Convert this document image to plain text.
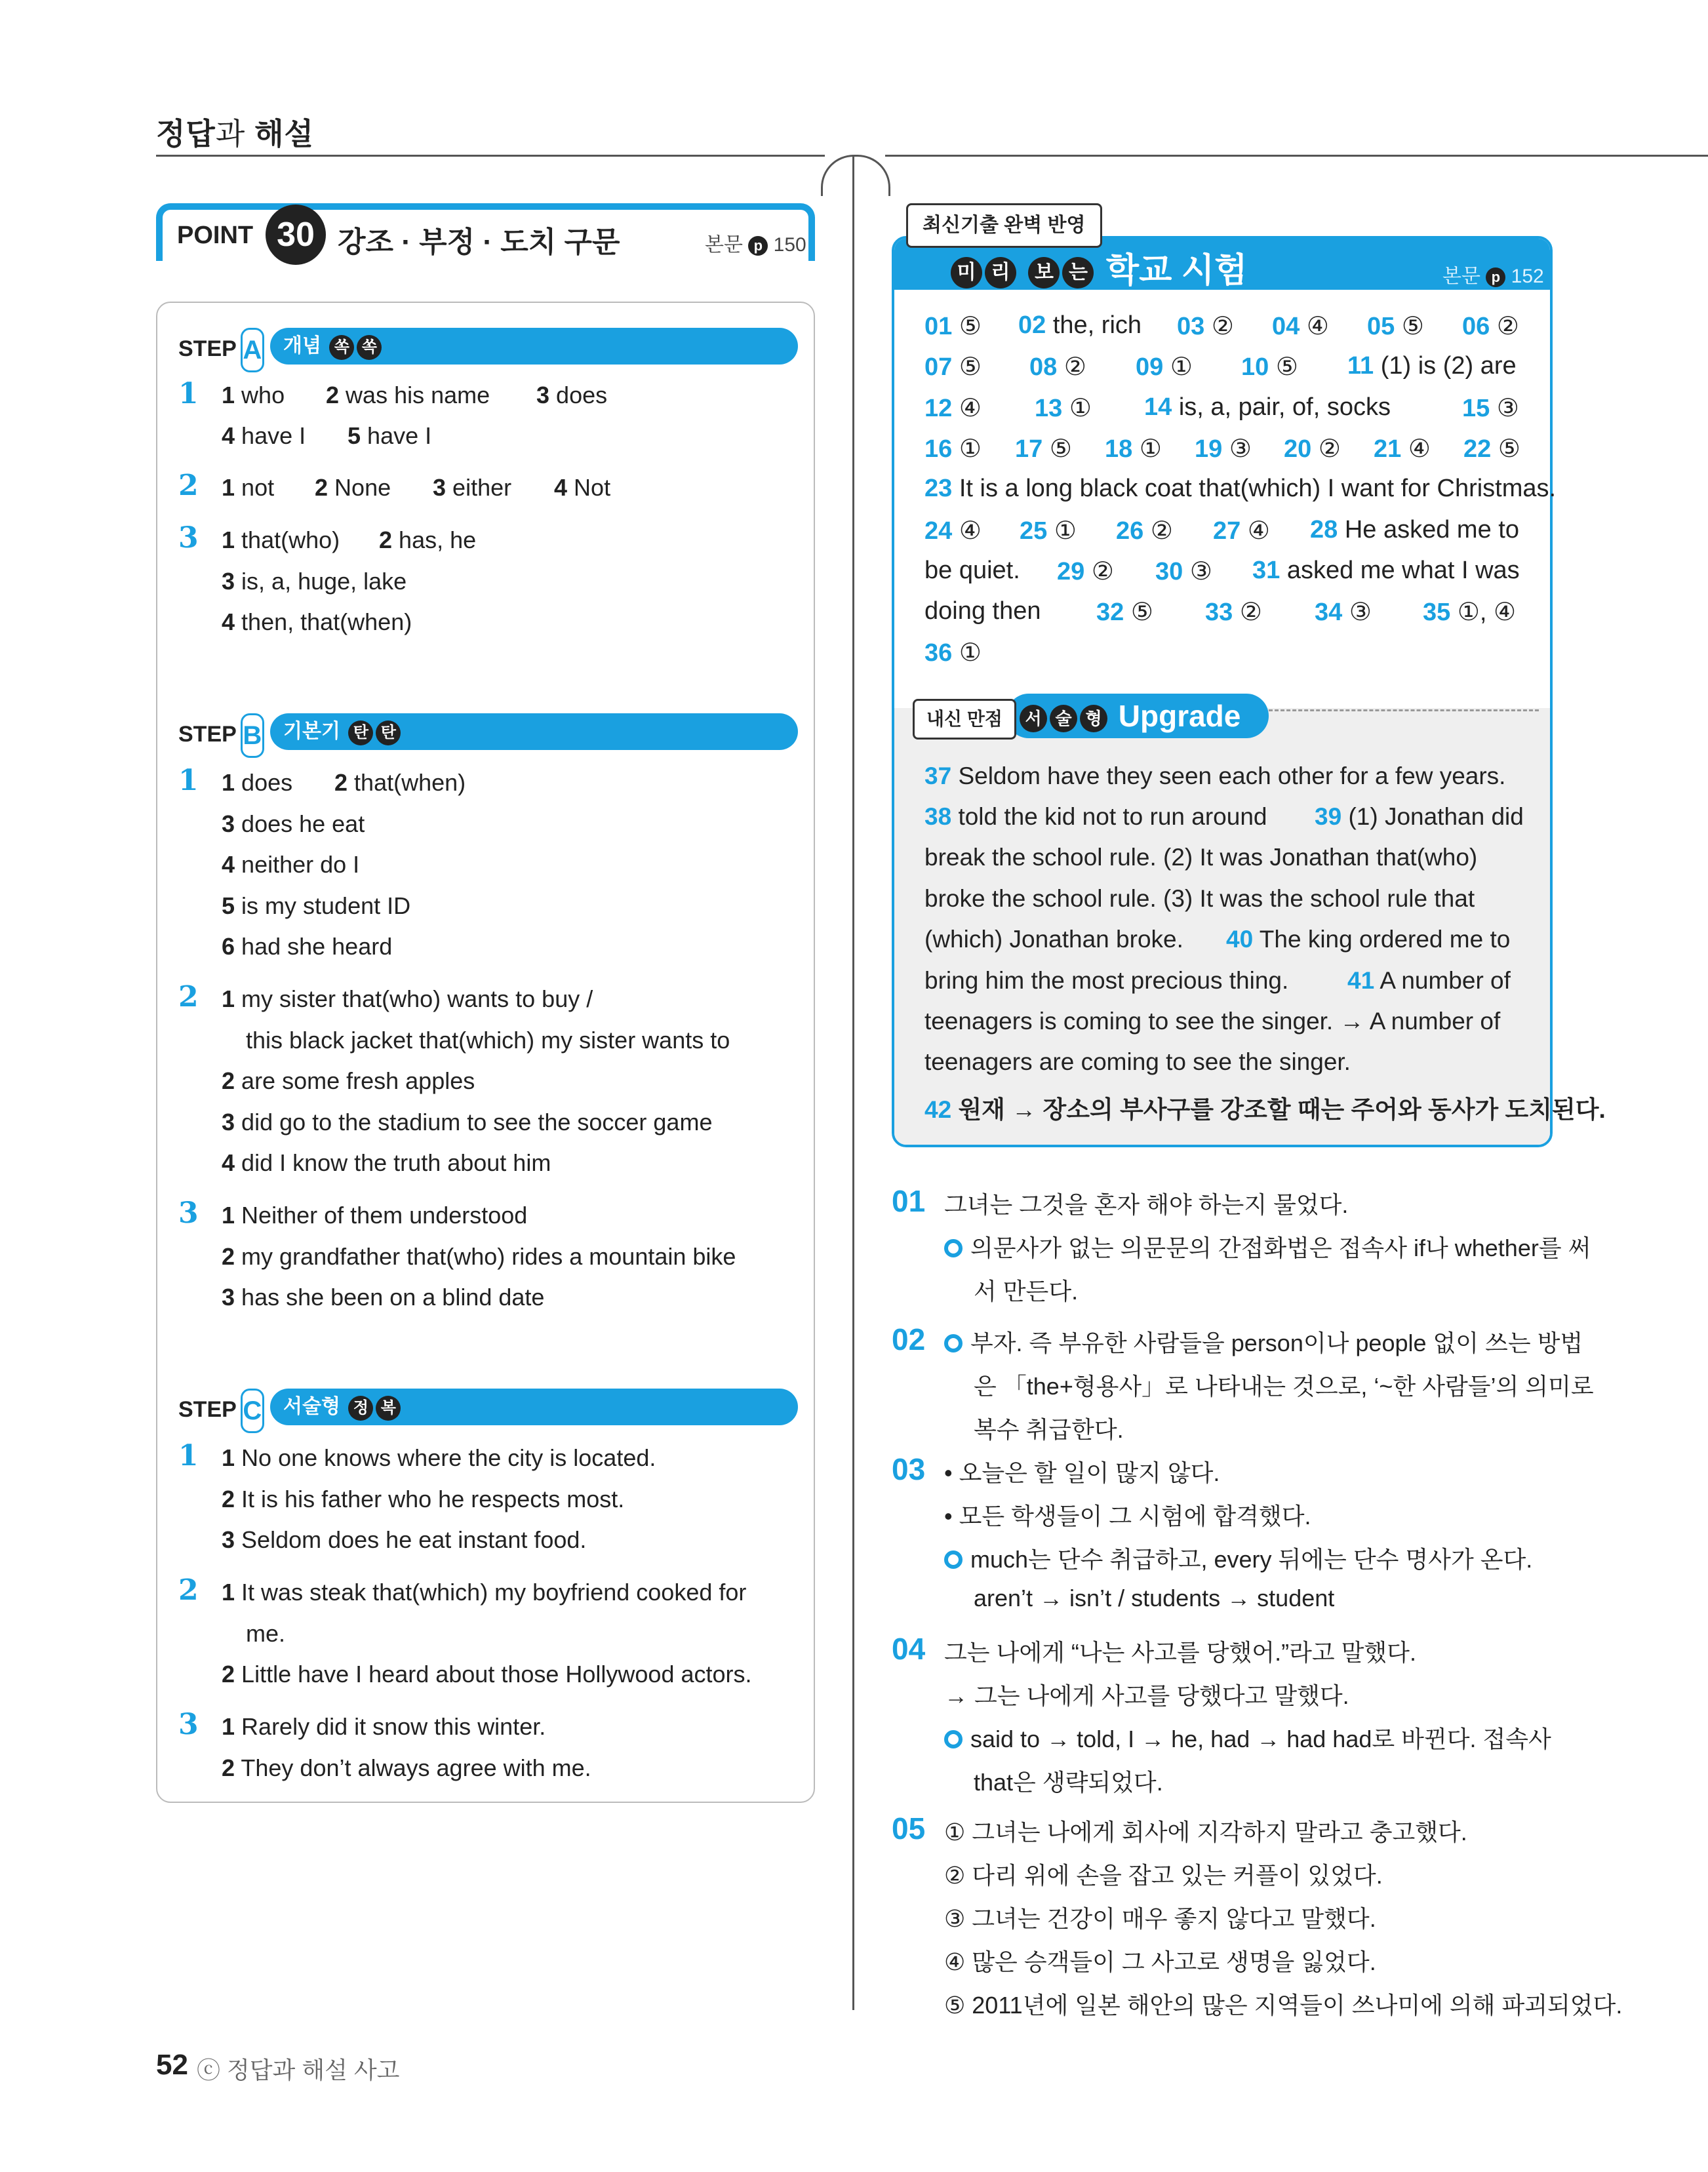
정답과 해설
POINT 30 강조 · 부정 · 도치 구문	본문 p 150
STEP A	개념 쏙 쏙
1 1 who 2 was his name 3 does
4 have I 5 have I
2 1 not 2 None 3 either 4 Not
3 1 that(who) 2 has, he
3 is, a, huge, lake
4 then, that(when)
STEP B	기본기 탄 탄
1 1 does 2 that(when)
3 does he eat
4 neither do I
5 is my student ID
6 had she heard
2 1 my sister that(who) wants to buy /
this black jacket that(which) my sister wants to
2 are some fresh apples
3 did go to the stadium to see the soccer game
4 did I know the truth about him
3 1 Neither of them understood
2 my grandfather that(who) rides a mountain bike
3 has she been on a blind date
STEP C	서술형 정 복
1 1 No one knows where the city is located.
2 It is his father who he respects most.
3 Seldom does he eat instant food.
2 1 It was steak that(which) my boyfriend cooked for
me.
2 Little have I heard about those Hollywood actors.
3 1 Rarely did it snow this winter.
2 They don’t always agree with me.
최신기출 완벽 반영
미 리 보 는 학교 시험	본문 p 152
01 ⑤ 02 the, rich 03 ② 04 ④ 05 ⑤ 06 ②
07 ⑤ 08 ② 09 ① 10 ⑤ 11 (1) is (2) are
12 ④ 13 ① 14 is, a, pair, of, socks	15 ③
16 ① 17 ⑤ 18 ① 19 ③ 20 ② 21 ④ 22 ⑤
23 It is a long black coat that(which) I want for Christmas.
24 ④ 25 ① 26 ② 27 ④ 28 He asked me to
be quiet. 29 ② 30 ③ 31 asked me what I was
doing then 32 ⑤ 33 ② 34 ③ 35 ①, ④
36 ①
내신 만점	서 술 형 Upgrade
37 Seldom have they seen each other for a few years.
38 told the kid not to run around 39 (1) Jonathan did
break the school rule. (2) It was Jonathan that(who)
broke the school rule. (3) It was the school rule that
(which) Jonathan broke. 40 The king ordered me to
bring him the most precious thing. 41 A number of
teenagers is coming to see the singer. → A number of
teenagers are coming to see the singer.
42 원재 → 장소의 부사구를 강조할 때는 주어와 동사가 도치된다.
01 그녀는 그것을 혼자 해야 하는지 물었다.
의문사가 없는 의문문의 간접화법은 접속사 if나 whether를 써
서 만든다.
02	부자. 즉 부유한 사람들을 person이나 people 없이 쓰는 방법
은 「the+형용사」로 나타내는 것으로, ‘~한 사람들’의 의미로
복수 취급한다.
03 • 오늘은 할 일이 많지 않다.
• 모든 학생들이 그 시험에 합격했다.
much는 단수 취급하고, every 뒤에는 단수 명사가 온다.
aren’t → isn’t / students → student
04 그는 나에게 “나는 사고를 당했어.”라고 말했다.
→ 그는 나에게 사고를 당했다고 말했다.
said to → told, I → he, had → had had로 바뀐다. 접속사
that은 생략되었다.
05 ① 그녀는 나에게 회사에 지각하지 말라고 충고했다.
② 다리 위에 손을 잡고 있는 커플이 있었다.
③ 그녀는 건강이 매우 좋지 않다고 말했다.
④ 많은 승객들이 그 사고로 생명을 잃었다.
⑤ 2011년에 일본 해안의 많은 지역들이 쓰나미에 의해 파괴되었다.
52 ⓒ 정답과 해설 사고
